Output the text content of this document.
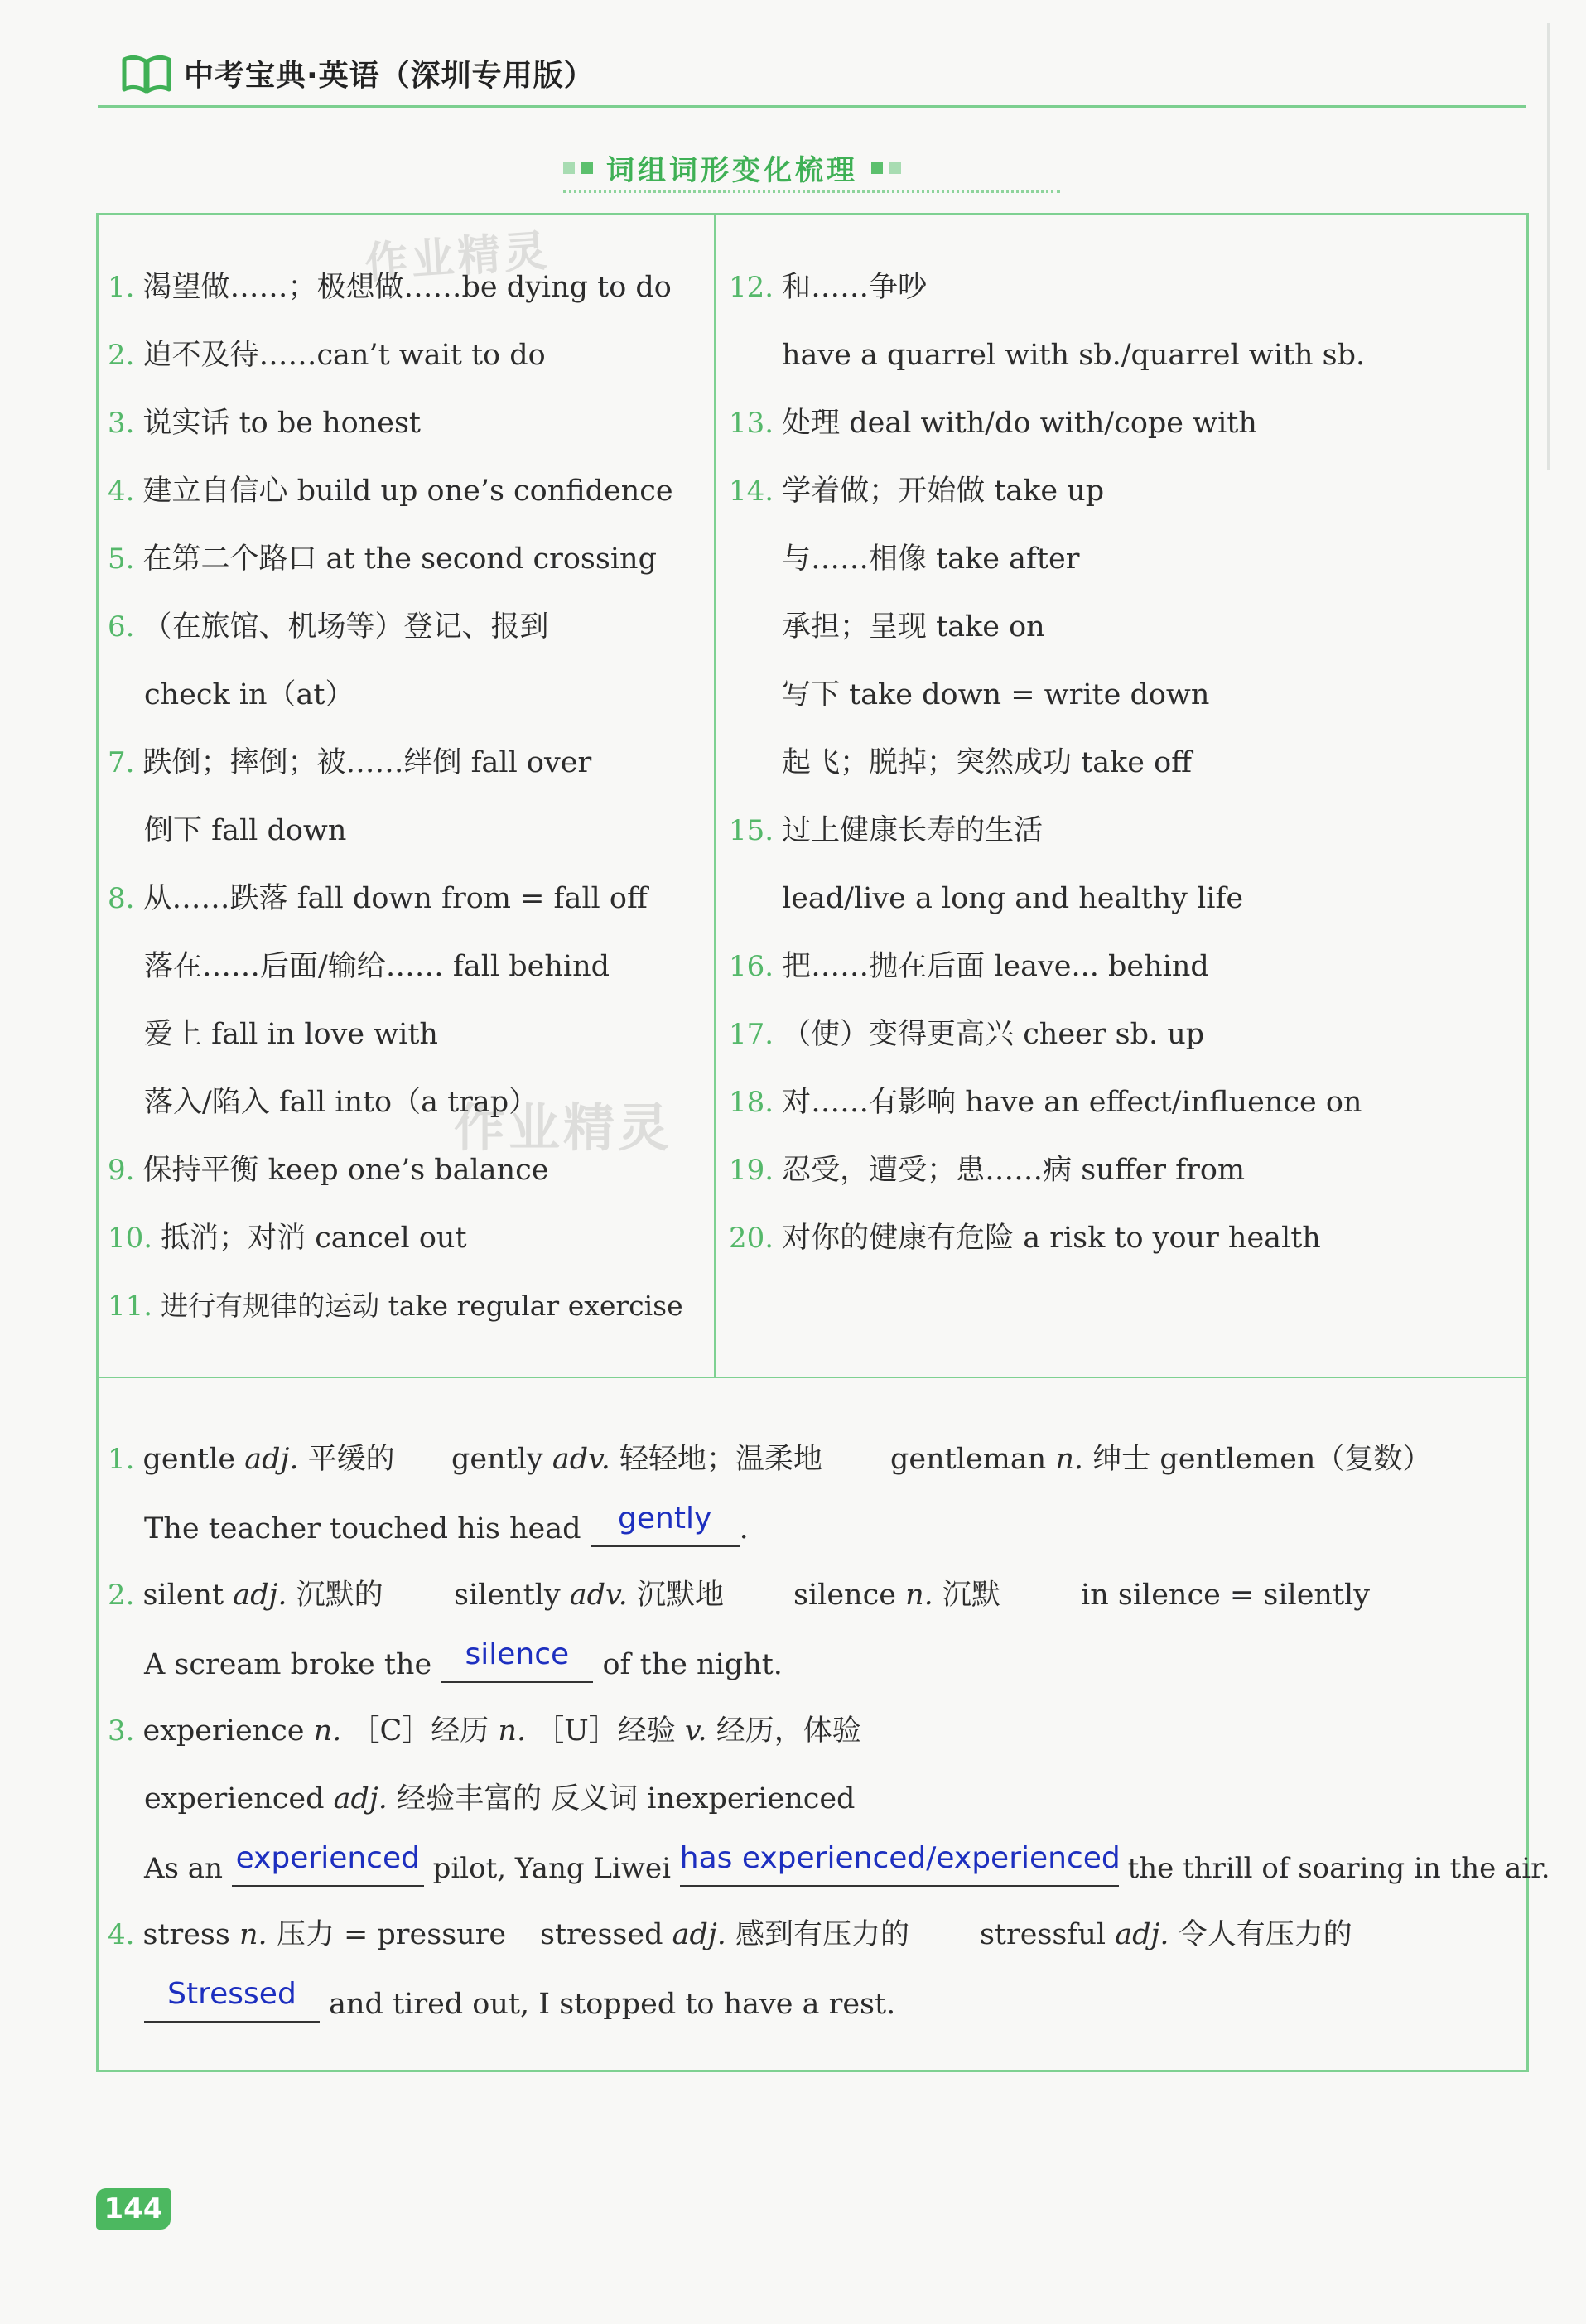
中考宝典·英语（深圳专用版）
词组词形变化梳理
作业精灵
作业精灵
1. 渴望做……；极想做……be dying to do
2. 迫不及待……can’t wait to do
3. 说实话 to be honest
4. 建立自信心 build up one’s confidence
5. 在第二个路口 at the second crossing
6. （在旅馆、机场等）登记、报到
check in（at）
7. 跌倒；摔倒；被……绊倒 fall over
倒下 fall down
8. 从……跌落 fall down from = fall off
落在……后面/输给…… fall behind
爱上 fall in love with
落入/陷入 fall into（a trap）
9. 保持平衡 keep one’s balance
10. 抵消；对消 cancel out
11. 进行有规律的运动 take regular exercise
12. 和……争吵
have a quarrel with sb./quarrel with sb.
13. 处理 deal with/do with/cope with
14. 学着做；开始做 take up
与……相像 take after
承担；呈现 take on
写下 take down = write down
起飞；脱掉；突然成功 take off
15. 过上健康长寿的生活
lead/live a long and healthy life
16. 把……抛在后面 leave... behind
17. （使）变得更高兴 cheer sb. up
18. 对……有影响 have an effect/influence on
19. 忍受，遭受；患……病 suffer from
20. 对你的健康有危险 a risk to your health
1. gentle adj. 平缓的 gently adv. 轻轻地；温柔地 gentleman n. 绅士 gentlemen（复数）
The teacher touched his head	gently .
2. silent adj. 沉默的 silently adv. 沉默地 silence n. 沉默	in silence = silently
A scream broke the	silence	of the night.
3. experience n. ［C］经历 n. ［U］经验 v. 经历，体验
experienced adj. 经验丰富的 反义词 inexperienced
As an experienced pilot, Yang Liwei has experienced/experienced the thrill of soaring in the air.
4. stress n. 压力 = pressure stressed adj. 感到有压力的 stressful adj. 令人有压力的
Stressed	and tired out, I stopped to have a rest.
144
